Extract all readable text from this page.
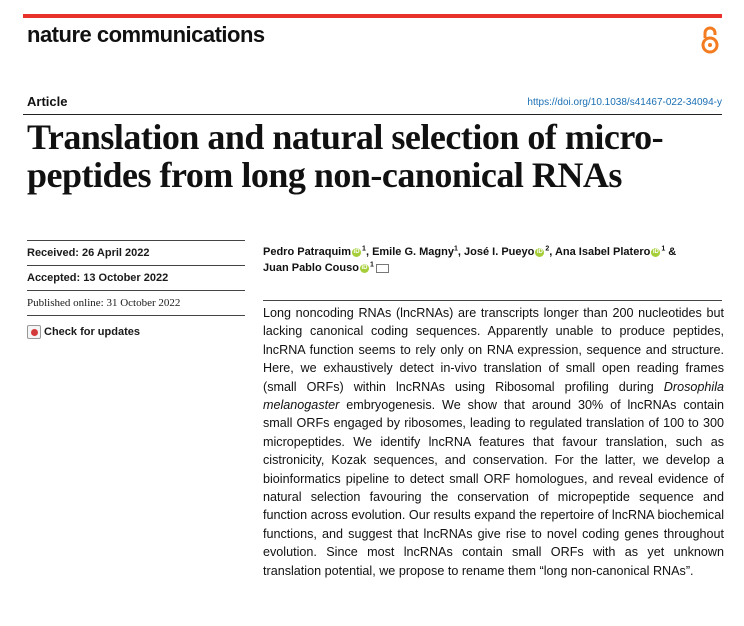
nature communications
Article	https://doi.org/10.1038/s41467-022-34094-y
Translation and natural selection of micro-
peptides from long non-canonical RNAs
Received: 26 April 2022
Accepted: 13 October 2022
Published online: 31 October 2022
Check for updates
Pedro Patraquim iD $^1$, Emile G. Magny$^1$, José I. Pueyo iD $^2$, Ana Isabel Platero iD $^1$ &
Juan Pablo Couso iD $^1$
Long noncoding RNAs (lncRNAs) are transcripts longer than 200 nucleotides but lacking canonical coding sequences. Apparently unable to produce peptides, lncRNA function seems to rely only on RNA expression, sequence and structure. Here, we exhaustively detect in-vivo translation of small open reading frames (small ORFs) within lncRNAs using Ribosomal profiling during Drosophila melanogaster embryogenesis. We show that around 30% of lncRNAs contain small ORFs engaged by ribosomes, leading to regulated translation of 100 to 300 micropeptides. We identify lncRNA features that favour translation, such as cistronicity, Kozak sequences, and conservation. For the latter, we develop a bioinformatics pipeline to detect small ORF homologues, and reveal evidence of natural selection favouring the conservation of micropeptide sequence and function across evolution. Our results expand the repertoire of lncRNA biochemical functions, and suggest that lncRNAs give rise to novel coding genes throughout evolution. Since most lncRNAs contain small ORFs with as yet unknown translation potential, we propose to rename them “long non-canonical RNAs”.
